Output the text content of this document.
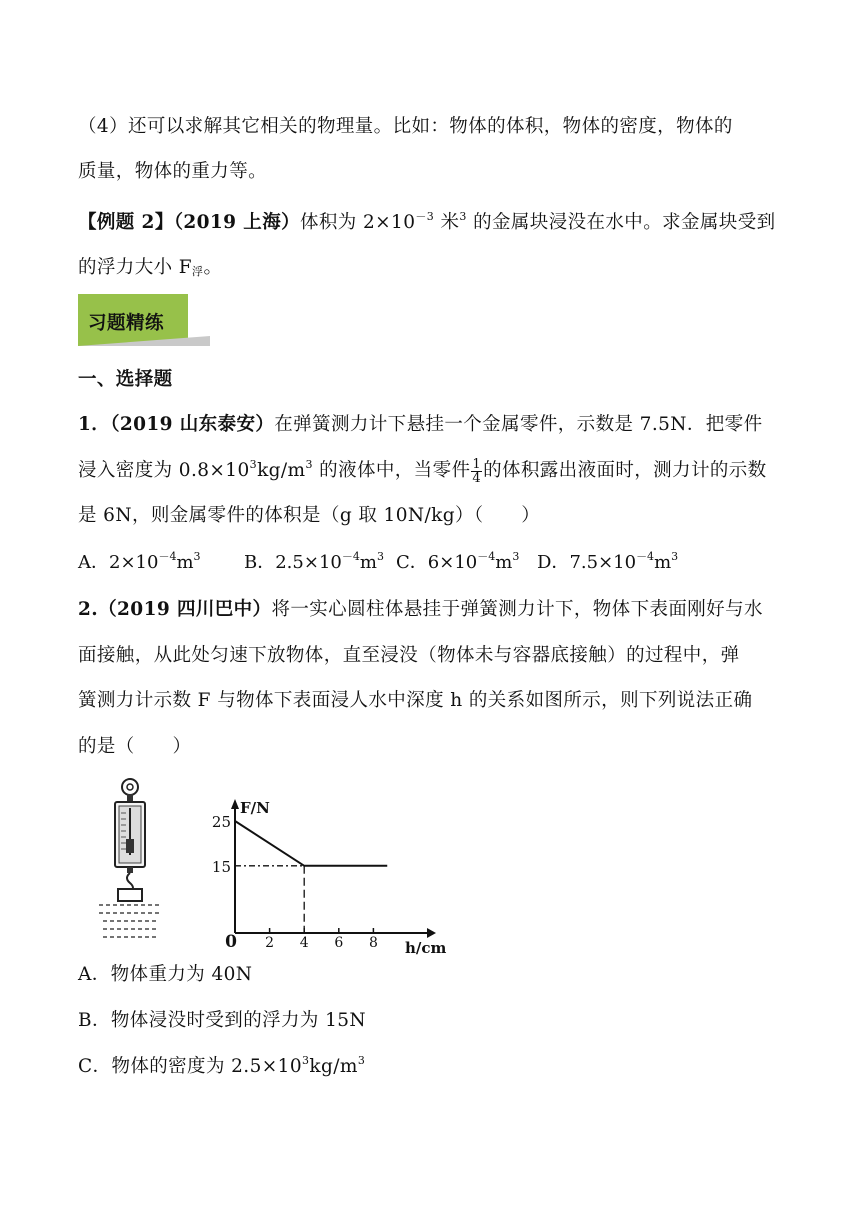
（4）还可以求解其它相关的物理量。比如：物体的体积，物体的密度，物体的
质量，物体的重力等。
【例题 2】（2019 上海）体积为 $2\times 10^{-3}$ 米$^3$ 的金属块浸没在水中。求金属块受到
的浮力大小 $F_浮$。
习题精练
一、选择题
1．（2019 山东泰安）在弹簧测力计下悬挂一个金属零件，示数是 7.5N．把零件
浸入密度为 $0.8\times 10^3kg/m^3$ 的液体中，当零件 $\frac{1}{4}$ 的体积露出液面时，测力计的示数
是 6N，则金属零件的体积是（g 取 10N/kg）（　　）
A．$2\times 10^{-4}m^3$ B．$2.5\times 10^{-4}m^3$ C．$6\times 10^{-4}m^3$ D．$7.5\times 10^{-4}m^3$
2.（2019 四川巴中）将一实心圆柱体悬挂于弹簧测力计下，物体下表面刚好与水
面接触，从此处匀速下放物体，直至浸没（物体未与容器底接触）的过程中，弹
簧测力计示数 F 与物体下表面浸人水中深度 h 的关系如图所示，则下列说法正确
的是（　　）
F/N
h/cm
0 2 4 6 8
25
15
A．物体重力为 40N
B．物体浸没时受到的浮力为 15N
C．物体的密度为 $2.5\times 10^3kg/m^3$
